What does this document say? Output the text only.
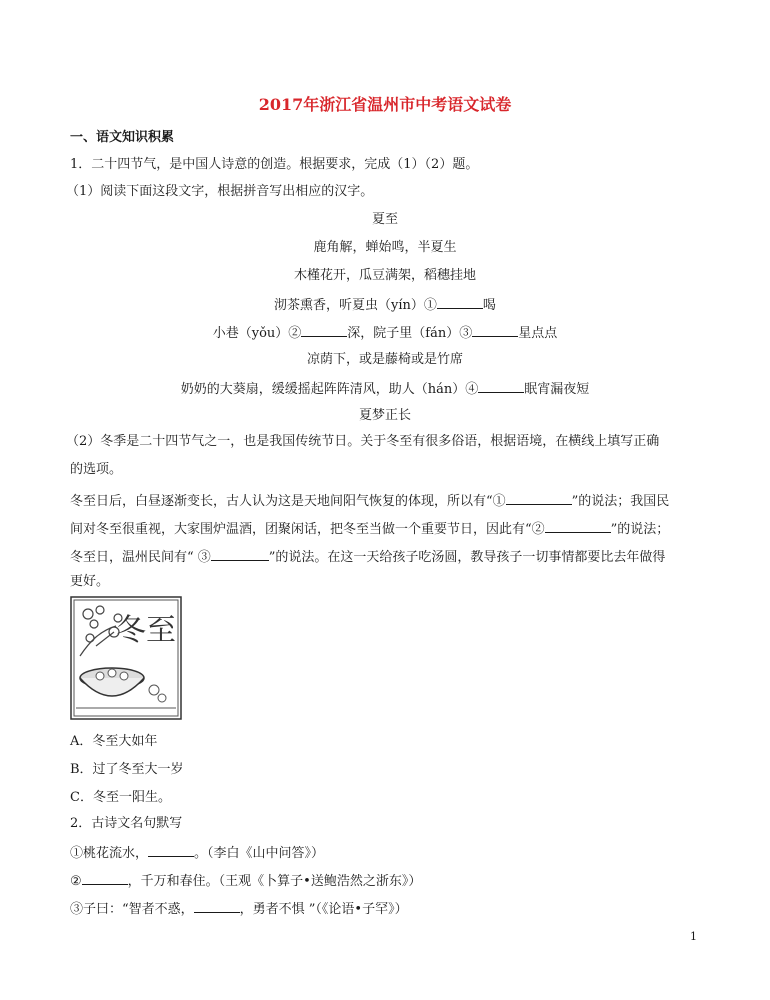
2017年浙江省温州市中考语文试卷
一、语文知识积累
1．二十四节气，是中国人诗意的创造。根据要求，完成（1）（2）题。
（1）阅读下面这段文字，根据拼音写出相应的汉字。
夏至
鹿角解，蝉始鸣，半夏生
木槿花开，瓜豆满架，稻穗挂地
沏茶熏香，听夏虫（yín）①	喝
小巷（yǒu）②	深，院子里（fán）③	星点点
凉荫下，或是藤椅或是竹席
奶奶的大葵扇，缓缓摇起阵阵清风，助人（hán）④	眠宵漏夜短
夏梦正长
（2）冬季是二十四节气之一，也是我国传统节日。关于冬至有很多俗语，根据语境，在横线上填写正确
的选项。
冬至日后，白昼逐渐变长，古人认为这是天地间阳气恢复的体现，所以有“①	”的说法；我国民
间对冬至很重视，大家围炉温酒，团聚闲话，把冬至当做一个重要节日，因此有“②	”的说法；
冬至日，温州民间有“ ③	”的说法。在这一天给孩子吃汤圆，教导孩子一切事情都要比去年做得
更好。
冬至
A．冬至大如年
B．过了冬至大一岁
C．冬至一阳生。
2．古诗文名句默写
①桃花流水，	。（李白《山中问答》）
②	，千万和春住。（王观《卜算子•送鲍浩然之浙东》）
③子曰：“智者不惑，	，勇者不惧 ”（《论语•子罕》）
1
